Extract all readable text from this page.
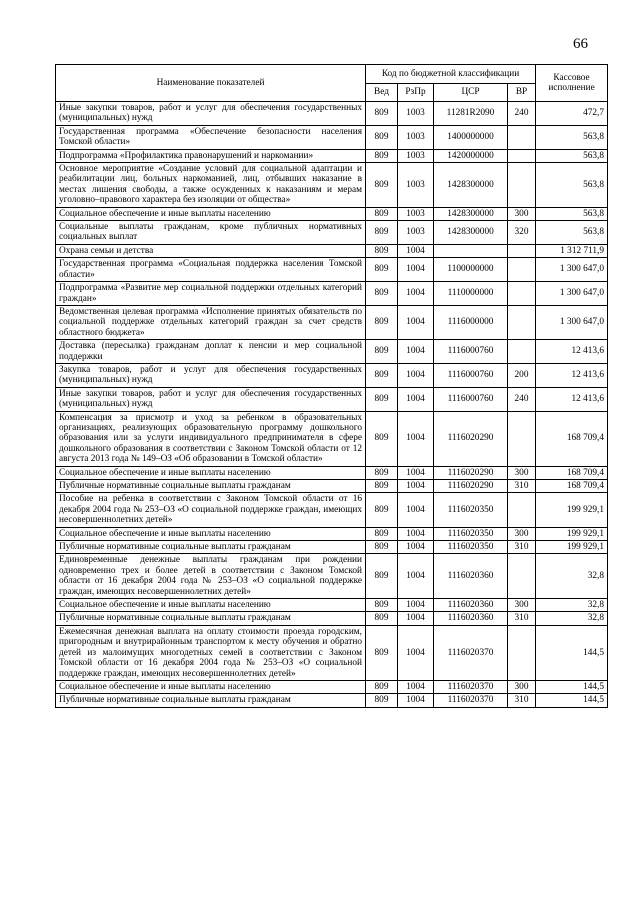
66
Наименование показателей	Код по бюджетной классификации				Кассовое исполнение
	Вед	РзПр	ЦСР	ВР	
Иные закупки товаров, работ и услуг для обеспечения государственных (муниципальных) нужд	809	1003	11281R2090	240	472,7
Государственная программа «Обеспечение безопасности населения Томской области»	809	1003	1400000000		563,8
Подпрограмма «Профилактика правонарушений и наркомании»	809	1003	1420000000		563,8
Основное мероприятие «Создание условий для социальной адаптации и реабилитации лиц, больных наркоманией, лиц, отбывших наказание в местах лишения свободы, а также осужденных к наказаниям и мерам уголовно–правового характера без изоляции от общества»	809	1003	1428300000		563,8
Социальное обеспечение и иные выплаты населению	809	1003	1428300000	300	563,8
Социальные выплаты гражданам, кроме публичных нормативных социальных выплат	809	1003	1428300000	320	563,8
Охрана семьи и детства	809	1004			1 312 711,9
Государственная программа «Социальная поддержка населения Томской области»	809	1004	1100000000		1 300 647,0
Подпрограмма «Развитие мер социальной поддержки отдельных категорий граждан»	809	1004	1110000000		1 300 647,0
Ведомственная целевая программа «Исполнение принятых обязательств по социальной поддержке отдельных категорий граждан за счет средств областного бюджета»	809	1004	1116000000		1 300 647,0
Доставка (пересылка) гражданам доплат к пенсии и мер социальной поддержки	809	1004	1116000760		12 413,6
Закупка товаров, работ и услуг для обеспечения государственных (муниципальных) нужд	809	1004	1116000760	200	12 413,6
Иные закупки товаров, работ и услуг для обеспечения государственных (муниципальных) нужд	809	1004	1116000760	240	12 413,6
Компенсация за присмотр и уход за ребенком в образовательных организациях, реализующих образовательную программу дошкольного образования или за услуги индивидуального предпринимателя в сфере дошкольного образования в соответствии с Законом Томской области от 12 августа 2013 года № 149–ОЗ «Об образовании в Томской области»	809	1004	1116020290		168 709,4
Социальное обеспечение и иные выплаты населению	809	1004	1116020290	300	168 709,4
Публичные нормативные социальные выплаты гражданам	809	1004	1116020290	310	168 709,4
Пособие на ребенка в соответствии с Законом Томской области от 16 декабря 2004 года № 253–ОЗ «О социальной поддержке граждан, имеющих несовершеннолетних детей»	809	1004	1116020350		199 929,1
Социальное обеспечение и иные выплаты населению	809	1004	1116020350	300	199 929,1
Публичные нормативные социальные выплаты гражданам	809	1004	1116020350	310	199 929,1
Единовременные денежные выплаты гражданам при рождении одновременно трех и более детей в соответствии с Законом Томской области от 16 декабря 2004 года № 253–ОЗ «О социальной поддержке граждан, имеющих несовершеннолетних детей»	809	1004	1116020360		32,8
Социальное обеспечение и иные выплаты населению	809	1004	1116020360	300	32,8
Публичные нормативные социальные выплаты гражданам	809	1004	1116020360	310	32,8
Ежемесячная денежная выплата на оплату стоимости проезда городским, пригородным и внутрирайонным транспортом к месту обучения и обратно детей из малоимущих многодетных семей в соответствии с Законом Томской области от 16 декабря 2004 года № 253–ОЗ «О социальной поддержке граждан, имеющих несовершеннолетних детей»	809	1004	1116020370		144,5
Социальное обеспечение и иные выплаты населению	809	1004	1116020370	300	144,5
Публичные нормативные социальные выплаты гражданам	809	1004	1116020370	310	144,5
